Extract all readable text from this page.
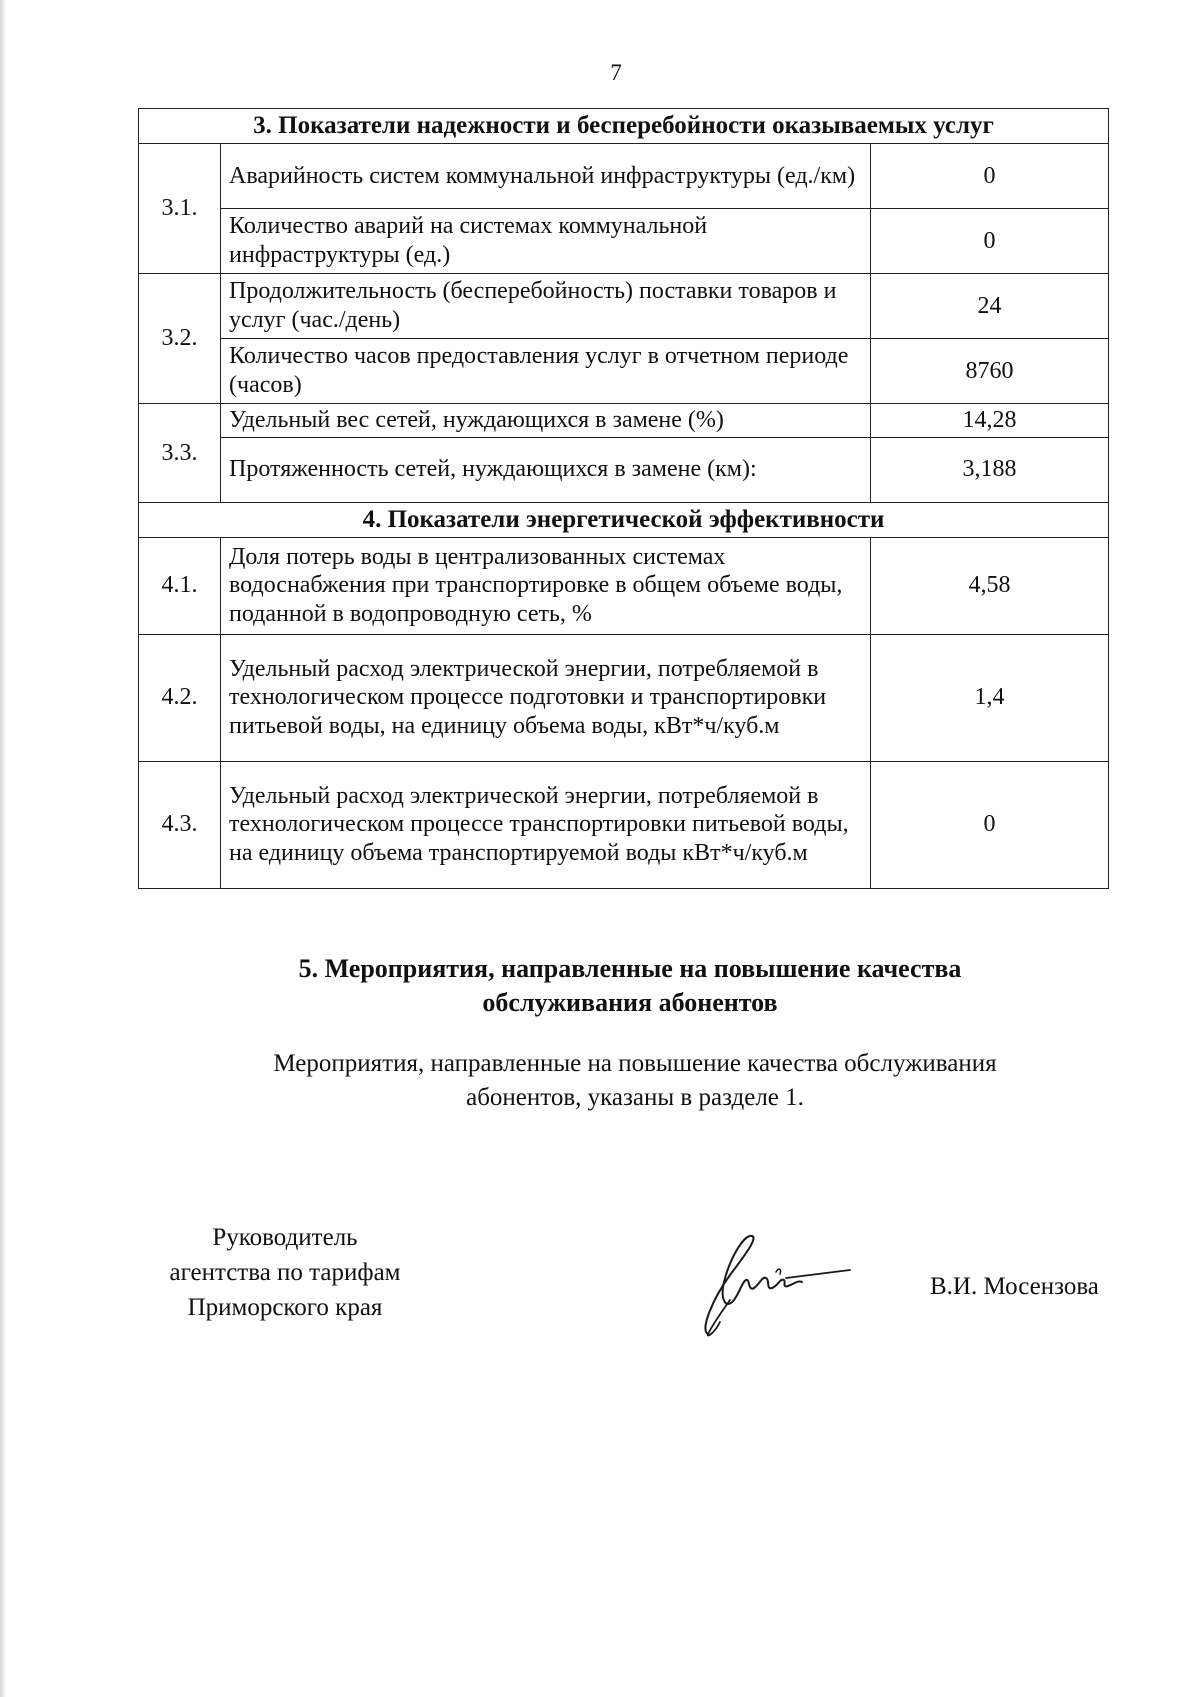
7
3. Показатели надежности и бесперебойности оказываемых услуг		
3.1.	Аварийность систем коммунальной инфраструктуры (ед./км)	0
	Количество аварий на системах коммунальной инфраструктуры (ед.)	0
3.2.	Продолжительность (бесперебойность) поставки товаров и услуг (час./день)	24
	Количество часов предоставления услуг в отчетном периоде (часов)	8760
3.3.	Удельный вес сетей, нуждающихся в замене (%)	14,28
	Протяженность сетей, нуждающихся в замене (км):	3,188
4. Показатели энергетической эффективности		
4.1.	Доля потерь воды в централизованных системах водоснабжения при транспортировке в общем объеме воды, поданной в водопроводную сеть, %	4,58
4.2.	Удельный расход электрической энергии, потребляемой в технологическом процессе подготовки и транспортировки питьевой воды, на единицу объема воды, кВт*ч/куб.м	1,4
4.3.	Удельный расход электрической энергии, потребляемой в технологическом процессе транспортировки питьевой воды, на единицу объема транспортируемой воды кВт*ч/куб.м	0
5. Мероприятия, направленные на повышение качества
обслуживания абонентов
Мероприятия, направленные на повышение качества обслуживания
абонентов, указаны в разделе 1.
Руководитель
агентства по тарифам
Приморского края
В.И. Мосензова
